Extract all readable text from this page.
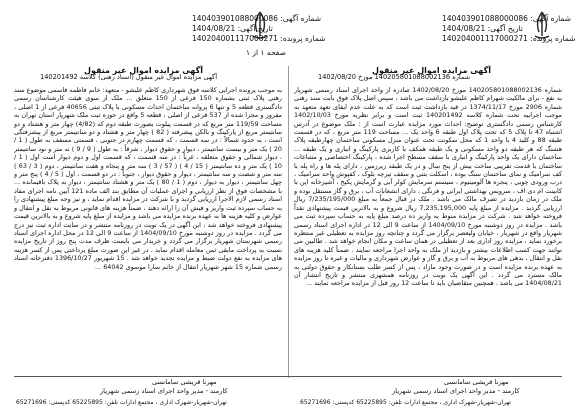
شماره آگهی: 140403901088000086
تاریخ آگهی: 1404/08/21
شماره پرونده: 140204001117000271
شماره آگهی: 140403901088000086
تاریخ آگهی: 1404/08/21
شماره پرونده: 140204001117000271
صفحه ۱ از ۱
آگهی مزایده اموال غیر منقول
آگهی مزایده اموال غیر منقول (اسناد رهنی) کلاسه 140201492
به موجب پرونده اجرایی کلاسه فوق شهرداری کاظم علیشو - متعهد: خانم فاطمه قاسمی موضوع سند رهنی پلاک ثبتی بشماره 150 فرعی از 150 متعلق ... ملک از سوی هیئت کارشناسان رسمی دادگستری قطعه 5 و تنها 6 پروانه ساختمان احداث مسکونی با پلاک ثبتی 40656 فرعی از 1 اصلی ، مفروز و مجزا شده از 537 فرعی از اصلی ، قطعه 5 واقع در حوزه ثبت ملک شهریار استان تهران به مساحت 119/59 متر مربع که در قسمت پیلوت بصورت طبقه دوم که (4/82) چهار متر و هشتاد و دو سانتیمتر مربع از پارکینگ و بالکن پیشرفته ( 82 ) چهار متر و هشتاد و دو سانتیمتر مربع از پیشرفتگی است ، به حدود شمالاً : در سه قسمت ، که قسمت چهارم در جنوبی ، قسمتی مسقف به طول ( 1 / 20 ) یک متر و بیست سانتیمتر ، دیوار و حقوق دیوار ، شرقاً : به طول ( 9 / 9 ) نه متر و نود سانتیمتر ، دیوار شمالی و حقوق متعلقه ، غرباً : در سه قسمت ، که قسمت اول و دوم دیوار است اول ( 1 / 10 ) یک متر و ده سانتیمتر ( 15 / 4 ) ( 57 / 3 ) سه متر و پنجاه و هفت سانتیمتر ، دوم ( 3 / 63 ) سه متر و شصت و سه سانتیمتر ، دیوار و حقوق دیوار ، جنوباً : در دو قسمت ، اول ( 5 / 4 ) پنج متر و چهل سانتیمتر ، دیوار به دیوار ، دوم ( 1 / 80 ) یک متر و هشتاد سانتیمتر ، دیوار به پلاک باقیمانده ... با مشخصات فوق از نظر ارزیابی و اجرای عملیات آن مطابق بند الف ماده 121 آیین نامه اجرای مفاد اسناد رسمی لازم الاجرا ارزیابی گردید و با شرکت در مزایده اقدام نماید ، و نیز وجه مبلغ پیشنهادی را به حساب سپرده ثبت واریز و فیش آن را ارائه دهند ، ضمناً هزینه های قانونی مربوط به نقل و انتقال و عوارض و کلیه هزینه ها به عهده برنده مزایده می باشد و مزایده از مبلغ پایه شروع و به بالاترین قیمت پیشنهادی فروخته خواهد شد ، این آگهی در یک نوبت در روزنامه منتشر و در سایت اداره ثبت نیز درج می گردد . مزایده در روز دوشنبه مورخ 1404/09/10 از ساعت 9 الی 12 در محل اداره اجرای اسناد رسمی شهرستان شهریار برگزار می گردد و خریدار می بایست ظرف مدت پنج روز از تاریخ مزایده نسبت به پرداخت مابقی ثمن معامله اقدام نماید ، در غیر این صورت مبلغ پرداختی پس از کسر هزینه های مزایده به نفع دولت ضبط و مزایده تجدید خواهد شد . 15 شهریور 1396/10/27 دفترخانه اسناد رسمی شماره 15 شهر شهریار انتقال از خانم سارا موسوی 64042 ...
آگهی مزایده اموال غیر منقول
شماره 140205801088002136 مورخ 1402/08/20
شماره 140205801088002136 مورخ 1402/08/20 صادره از واحد اجرای اسناد رسمی شهریار به نفع - برای مالکیت شهرام کاظم علیشو بازداشت می باشد ، سپس اصل پلاک فوق بابت سند رهنی شماره 2906 مورخ 1374/11/17 در قید بازداشت ثبت است که به علت عدم ایفای تعهد متعهد به موجب اجراییه تحت شماره کلاسه 140201492 ثبت است و برابر نظریه مورخ 1402/10/03 کارشناس رسمی دادگستری توضیح: احداث مورد مزایده عبارت است از : ملک موضوع در آدرس اشتباه 47 تا پلاک 5 که تحت پلاک اول طبقه 6 واحد یک ... مساحت 119 متر مربع ، که در قسمت طبقه 88 و کلید 4 با واحد 1 که محل سکونت تحت عنوان منزل مسکونی ساختمان چهارطبقه پلاک هشتگ که هر طبقه دو واحد مسکونی و یک طبقه همکف با کاربری پارکینگ و انباری و یک طبقه ... ساختمان دارای یک واحد پارکینگ و انباری با سقف مسطح اجرا شده ، پارکینگ اختصاصی و مشاعات ساختمان با قدمت تقریبی ساخت بیش از پنج سال و در یک طبقه زیرزمین ، دارای پله ها و راه پله با کف سرامیک و نمای ساختمان سنگ بوده ، اسکلت بتنی و سقف تیرچه بلوک ، کفپوش واحد سرامیک ، درب ورودی چوبی ، پنجره ها آلومینیوم ، سیستم سرمایش کولر آبی و گرمایش پکیج ، آشپزخانه اپن با کابینت ام دی اف ، سرویس بهداشتی ایرانی و فرنگی ، دارای انشعابات آب ، برق و گاز مستقل بوده و ملک در زمان بازدید در تصرف مالک می باشد . ملک در قبال جمعاً به مبلغ 7/235/195/000 ریال ارزیابی گردید . مزایده از مبلغ پایه 7,235,195,000 ریال شروع و به بالاترین قیمت پیشنهادی نقداً فروخته خواهد شد . شرکت در مزایده منوط به واریز ده درصد مبلغ پایه به حساب سپرده ثبت می باشد . مزایده در روز دوشنبه مورخ 1404/09/10 از ساعت 9 الی 12 در اداره اجرای اسناد رسمی شهریار واقع در شهریار ، خیابان ولیعصر برگزار می گردد و چنانچه روز مزایده به تعطیلی غیر منتظره برخورد نماید ، مزایده روز اداری بعد از تعطیلی در همان ساعت و مکان انجام خواهد شد . طالبین می توانند جهت کسب اطلاعات بیشتر و بازدید از ملک به واحد اجرا مراجعه نمایند . ضمناً کلیه هزینه های نقل و انتقال ، بدهی های مربوط به آب و برق و گاز و عوارض شهرداری و مالیات و غیره تا روز مزایده به عهده برنده مزایده است و در صورت وجود مازاد ، پس از کسر طلب بستانکار و حقوق دولتی به مالک مسترد می گردد . این آگهی یک نوبت در روزنامه همشهری منتشر و تاریخ انتشار آن 1404/08/21 می باشد . همچنین متقاضیان باید تا ساعت 12 روز قبل از مزایده مراجعه نمایند ...
مهرنا قریشی سامانسی
کارمند - مدیر واحد اجرای اسناد رسمی شهریار
تهران-شهریار-شهرک اداری ، مجتمع ادارات تلفن: 65225895 کدپستی: 65271696
مهرنا قریشی سامانسی
کارمند - مدیر واحد اجرای اسناد رسمی شهریار
تهران-شهریار-شهرک اداری ، مجتمع ادارات تلفن: 65225895 کدپستی: 65271696
